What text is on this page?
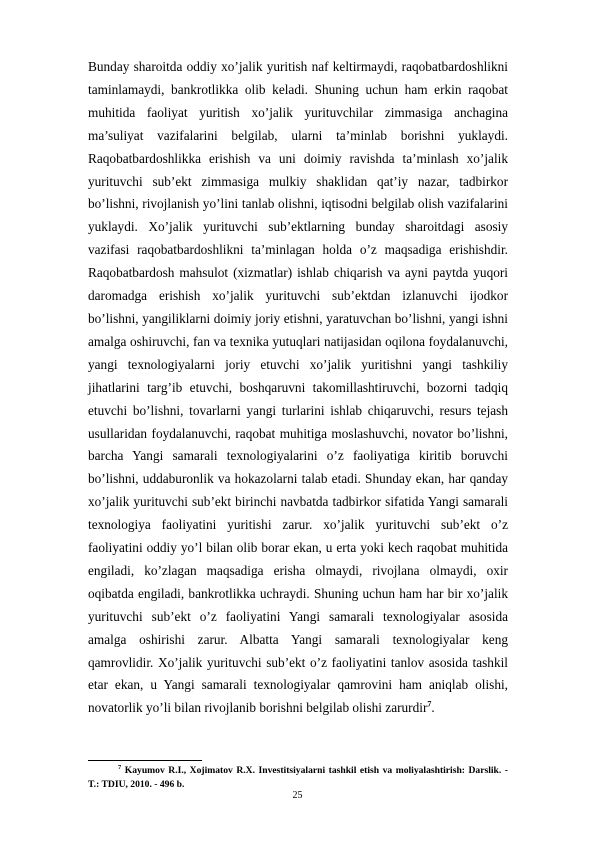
Bunday sharoitda oddiy xo’jalik yuritish naf keltirmaydi, raqobatbardoshlikni taminlamaydi, bankrotlikka olib keladi. Shuning uchun ham erkin raqobat muhitida faoliyat yuritish xo’jalik yurituvchilar zimmasiga anchagina ma’suliyat vazifalarini belgilab, ularni ta’minlab borishni yuklaydi. Raqobatbardoshlikka erishish va uni doimiy ravishda ta’minlash xo’jalik yurituvchi sub’ekt zimmasiga mulkiy shaklidan qat’iy nazar, tadbirkor bo’lishni, rivojlanish yo’lini tanlab olishni, iqtisodni belgilab olish vazifalarini yuklaydi. Xo’jalik yurituvchi sub’ektlarning bunday sharoitdagi asosiy vazifasi raqobatbardoshlikni ta’minlagan holda o’z maqsadiga erishishdir. Raqobatbardosh mahsulot (xizmatlar) ishlab chiqarish va ayni paytda yuqori daromadga erishish xo’jalik yurituvchi sub’ektdan izlanuvchi ijodkor bo’lishni, yangiliklarni doimiy joriy etishni, yaratuvchan bo’lishni, yangi ishni amalga oshiruvchi, fan va texnika yutuqlari natijasidan oqilona foydalanuvchi, yangi texnologiyalarni joriy etuvchi xo’jalik yuritishni yangi tashkiliy jihatlarini targ’ib etuvchi, boshqaruvni takomillashtiruvchi, bozorni tadqiq etuvchi bo’lishni, tovarlarni yangi turlarini ishlab chiqaruvchi, resurs tejash usullaridan foydalanuvchi, raqobat muhitiga moslashuvchi, novator bo’lishni, barcha Yangi samarali texnologiyalarini o’z faoliyatiga kiritib boruvchi bo’lishni, uddaburonlik va hokazolarni talab etadi. Shunday ekan, har qanday xo’jalik yurituvchi sub’ekt birinchi navbatda tadbirkor sifatida Yangi samarali texnologiya faoliyatini yuritishi zarur. xo’jalik yurituvchi sub’ekt o’z faoliyatini oddiy yo’l bilan olib borar ekan, u erta yoki kech raqobat muhitida engiladi, ko’zlagan maqsadiga erisha olmaydi, rivojlana olmaydi, oxir oqibatda engiladi, bankrotlikka uchraydi. Shuning uchun ham har bir xo’jalik yurituvchi sub’ekt o’z faoliyatini Yangi samarali texnologiyalar asosida amalga oshirishi zarur. Albatta Yangi samarali texnologiyalar keng qamrovlidir. Xo’jalik yurituvchi sub’ekt o’z faoliyatini tanlov asosida tashkil etar ekan, u Yangi samarali texnologiyalar qamrovini ham aniqlab olishi, novatorlik yo’li bilan rivojlanib borishni belgilab olishi zarurdir$^7$.

$^7$ Kayumov R.I., Xojimatov R.X. Investitsiyalarni tashkil etish va moliyalashtirish: Darslik. - T.: TDIU, 2010. - 496 b.

25
